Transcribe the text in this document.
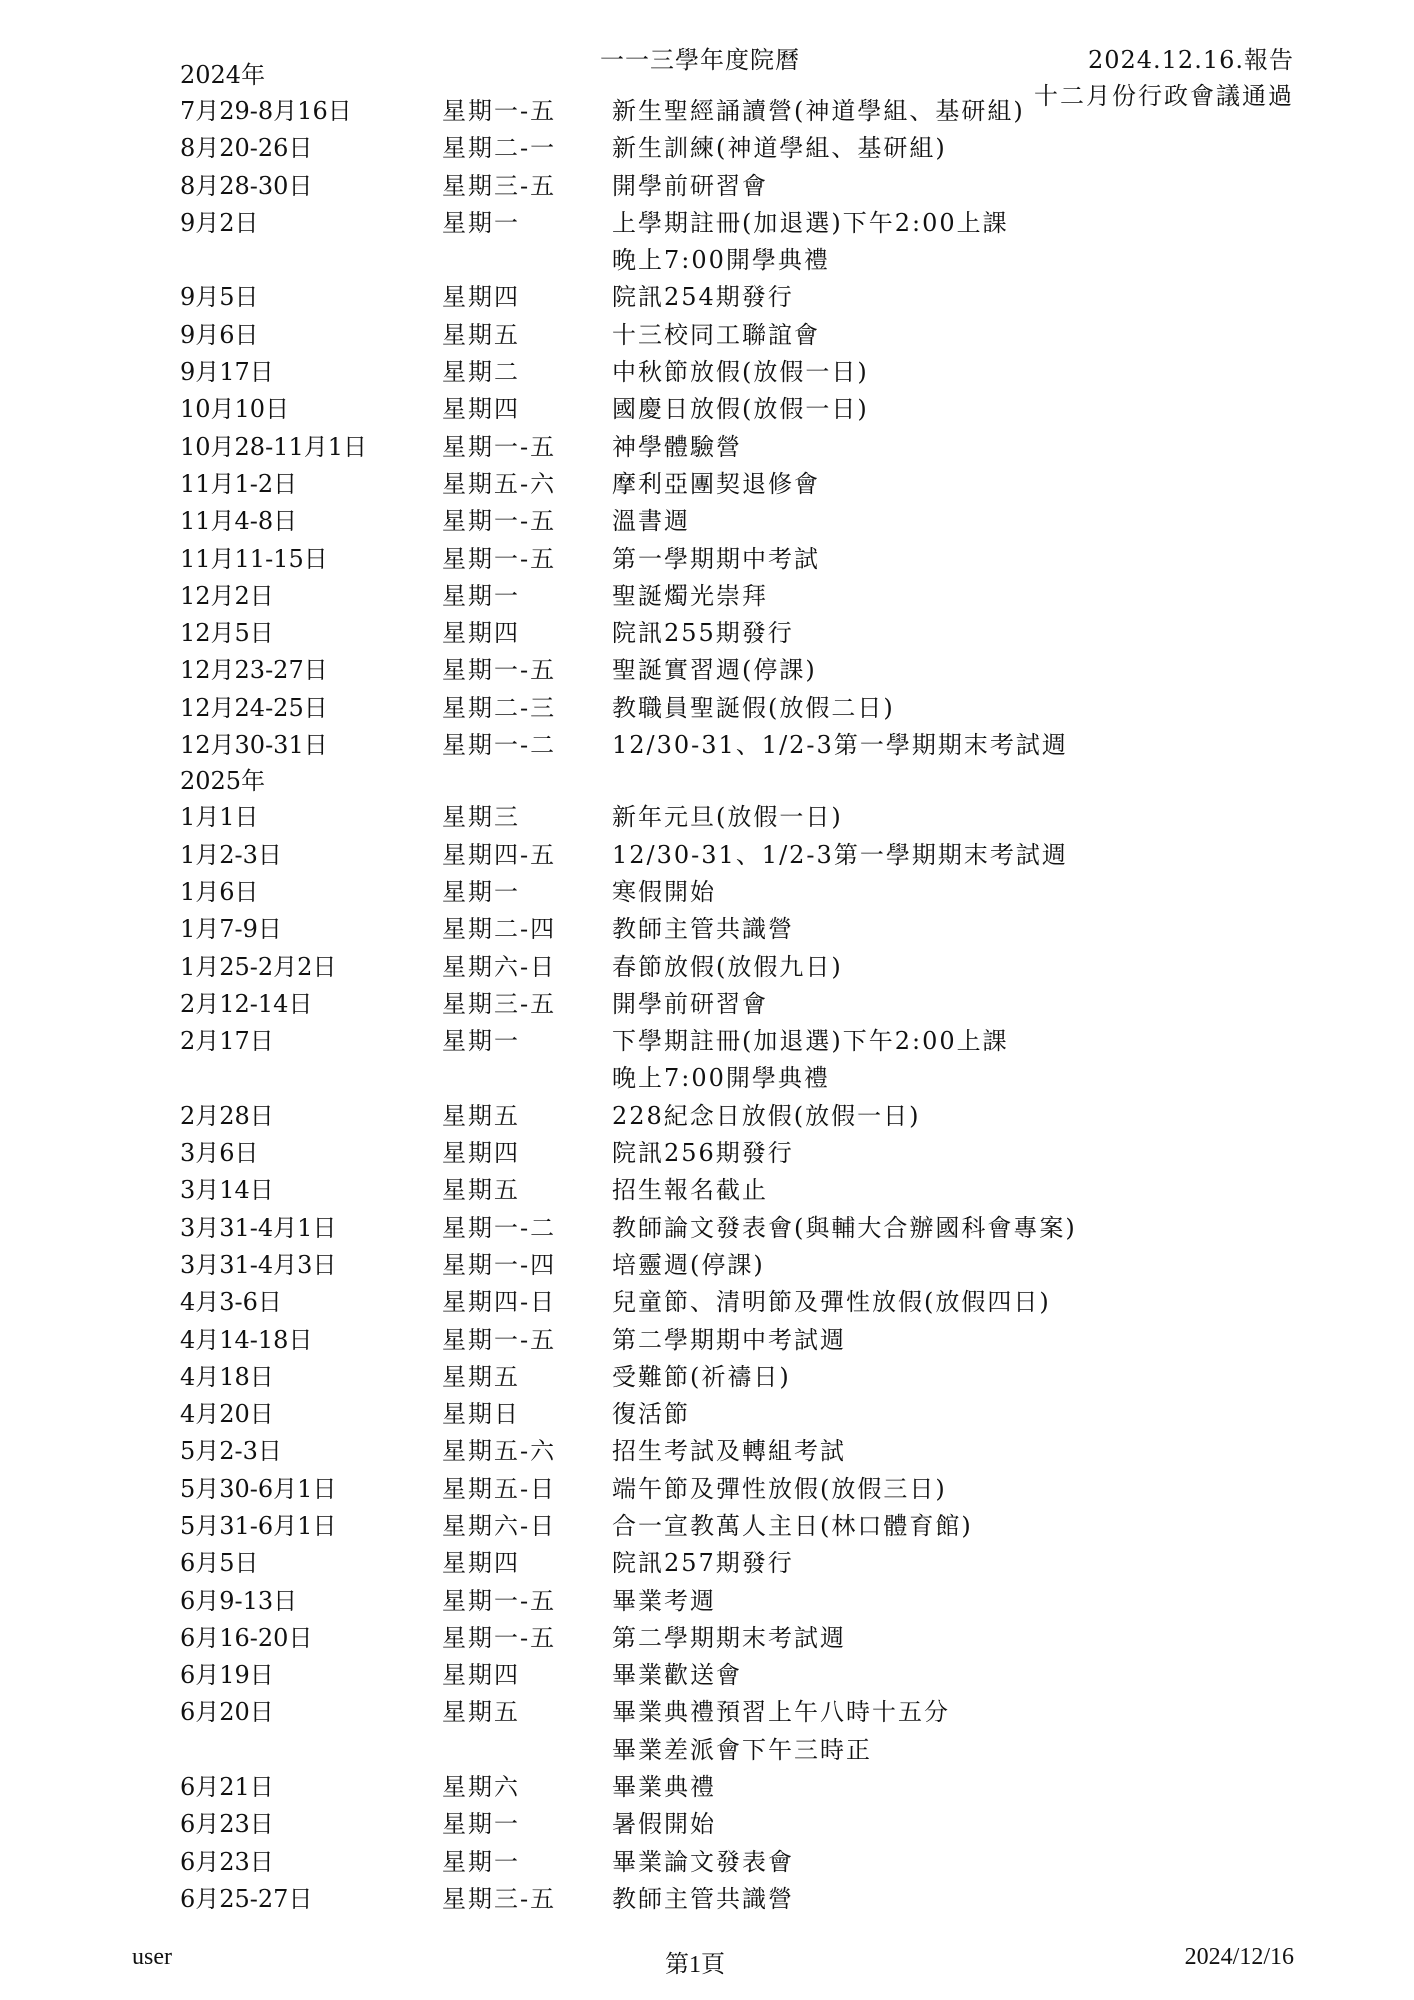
一一三學年度院曆	2024.12.16.報告
十二月份行政會議通過
2024年
7月29-8月16日	星期一-五 新生聖經誦讀營(神道學組、基研組)
8月20-26日	星期二-一 新生訓練(神道學組、基研組)
8月28-30日	星期三-五 開學前研習會
9月2日	星期一	上學期註冊(加退選)下午2:00上課
晚上7:00開學典禮
9月5日	星期四	院訊254期發行
9月6日	星期五	十三校同工聯誼會
9月17日	星期二	中秋節放假(放假一日)
10月10日	星期四	國慶日放假(放假一日)
10月28-11月1日	星期一-五 神學體驗營
11月1-2日	星期五-六 摩利亞團契退修會
11月4-8日	星期一-五 溫書週
11月11-15日	星期一-五 第一學期期中考試
12月2日	星期一	聖誕燭光崇拜
12月5日	星期四	院訊255期發行
12月23-27日	星期一-五 聖誕實習週(停課)
12月24-25日	星期二-三 教職員聖誕假(放假二日)
12月30-31日	星期一-二 12/30-31、1/2-3第一學期期末考試週
2025年
1月1日	星期三	新年元旦(放假一日)
1月2-3日	星期四-五 12/30-31、1/2-3第一學期期末考試週
1月6日	星期一	寒假開始
1月7-9日	星期二-四 教師主管共識營
1月25-2月2日	星期六-日 春節放假(放假九日)
2月12-14日	星期三-五 開學前研習會
2月17日	星期一	下學期註冊(加退選)下午2:00上課
晚上7:00開學典禮
2月28日	星期五	228紀念日放假(放假一日)
3月6日	星期四	院訊256期發行
3月14日	星期五	招生報名截止
3月31-4月1日	星期一-二 教師論文發表會(與輔大合辦國科會專案)
3月31-4月3日	星期一-四 培靈週(停課)
4月3-6日	星期四-日 兒童節、清明節及彈性放假(放假四日)
4月14-18日	星期一-五 第二學期期中考試週
4月18日	星期五	受難節(祈禱日)
4月20日	星期日	復活節
5月2-3日	星期五-六 招生考試及轉組考試
5月30-6月1日	星期五-日 端午節及彈性放假(放假三日)
5月31-6月1日	星期六-日 合一宣教萬人主日(林口體育館)
6月5日	星期四	院訊257期發行
6月9-13日	星期一-五 畢業考週
6月16-20日	星期一-五 第二學期期末考試週
6月19日	星期四	畢業歡送會
6月20日	星期五	畢業典禮預習上午八時十五分
畢業差派會下午三時正
6月21日	星期六	畢業典禮
6月23日	星期一	暑假開始
6月23日	星期一	畢業論文發表會
6月25-27日	星期三-五 教師主管共識營
user	第1頁	2024/12/16
